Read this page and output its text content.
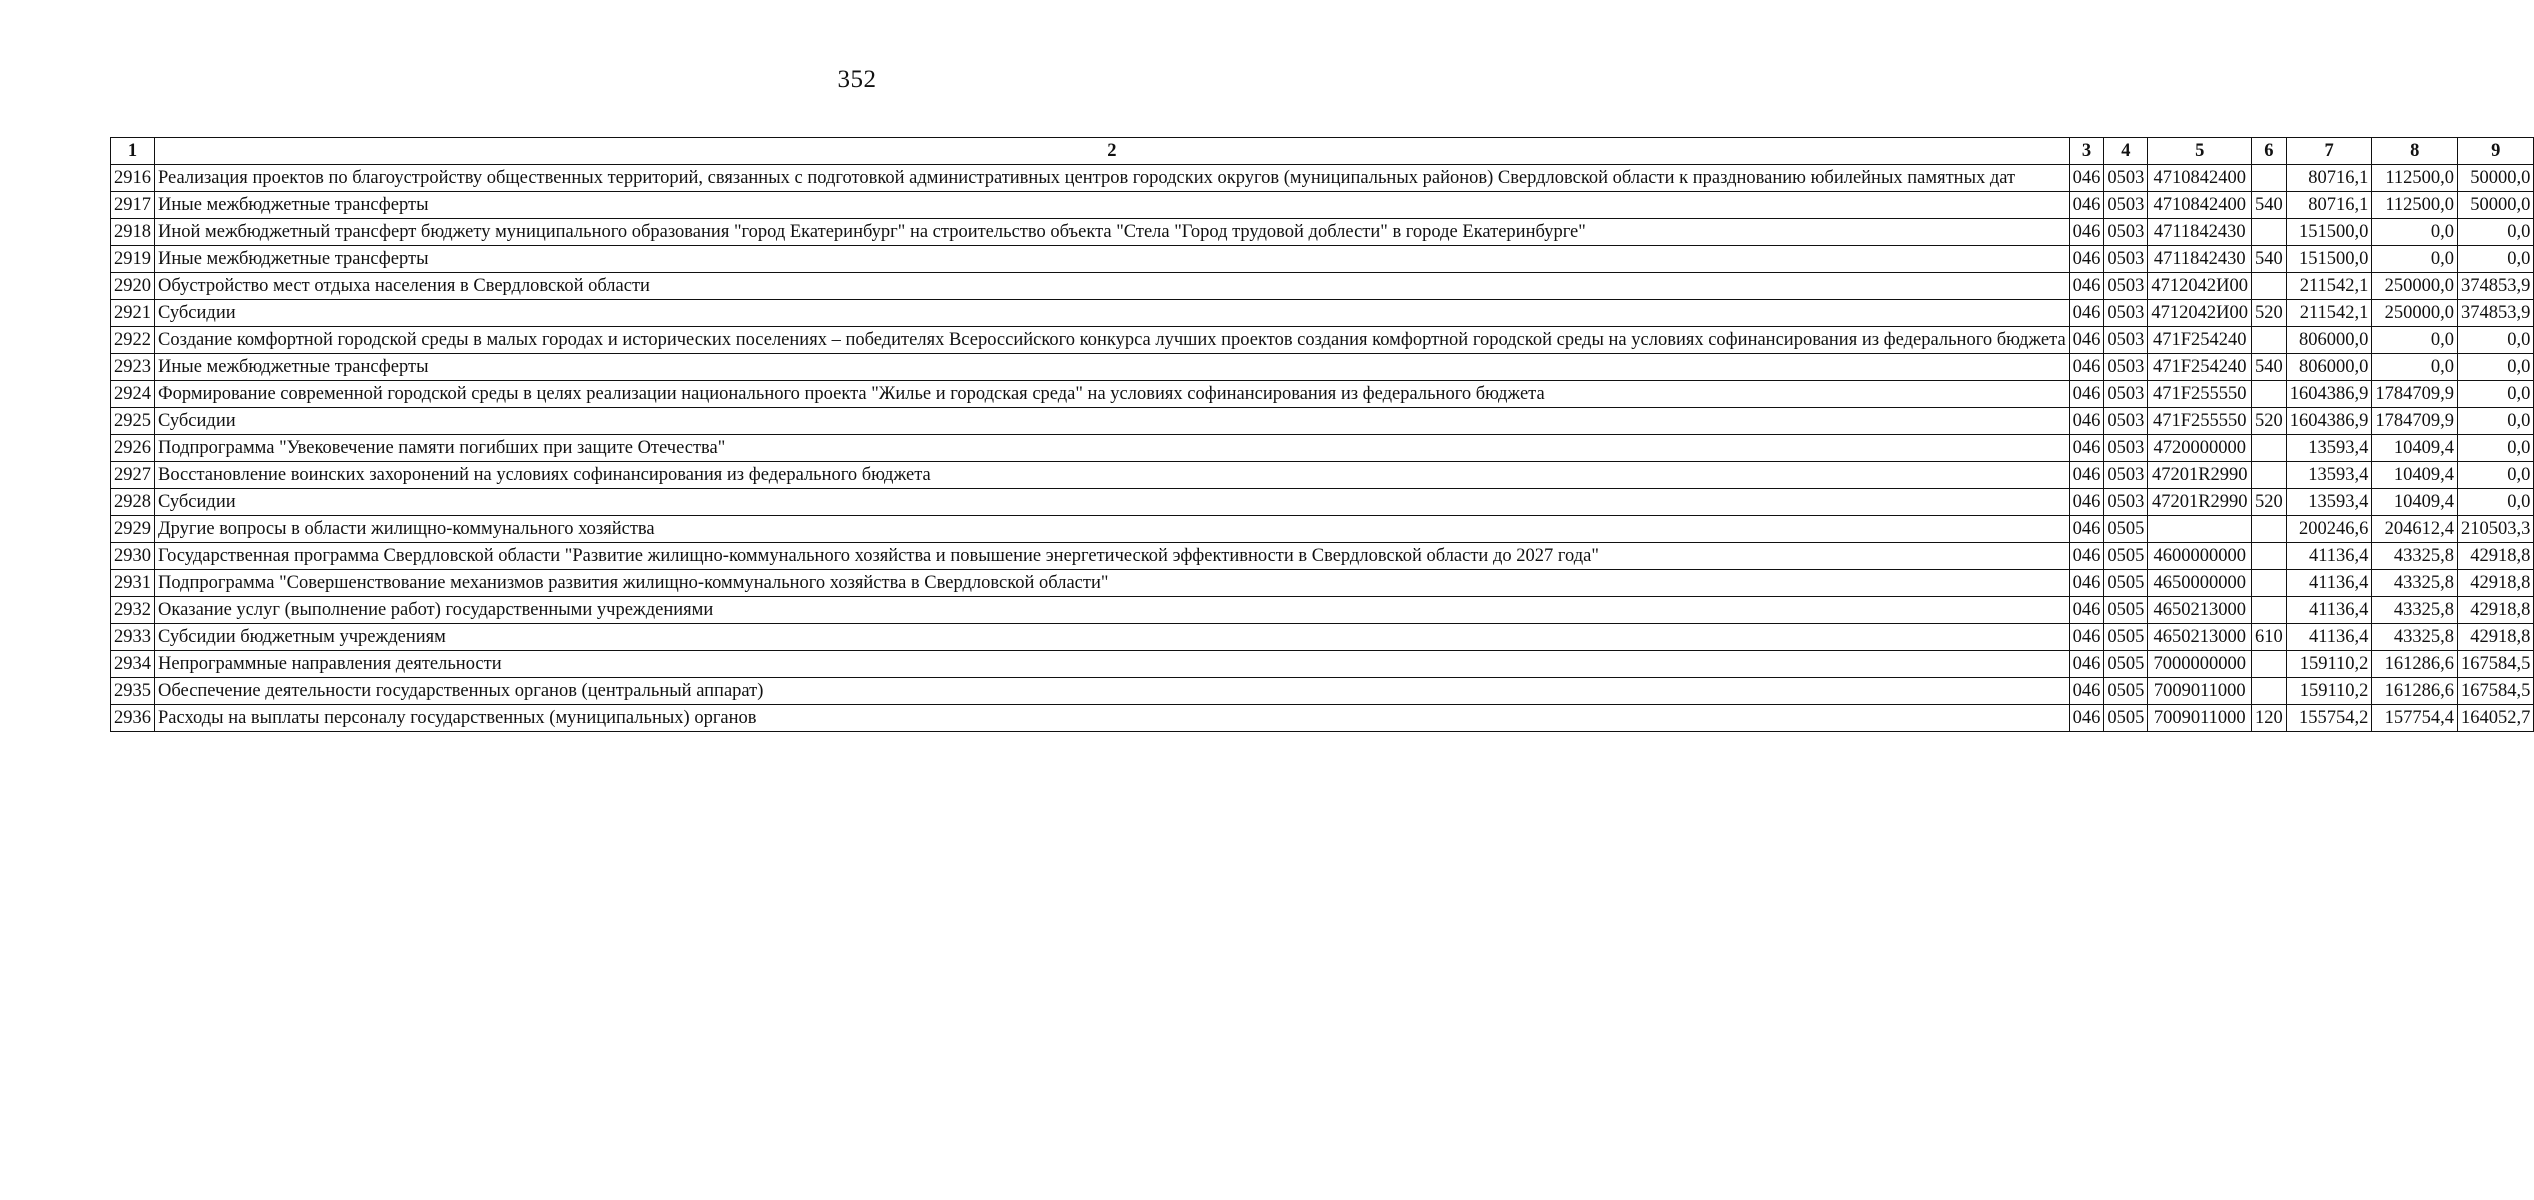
352
1	2	3	4	5	6	7	8	9
2916	Реализация проектов по благоустройству общественных территорий, связанных с подготовкой административных центров городских округов (муниципальных районов) Свердловской области к празднованию юбилейных памятных дат	046	0503	4710842400		80716,1	112500,0	50000,0
2917	Иные межбюджетные трансферты	046	0503	4710842400	540	80716,1	112500,0	50000,0
2918	Иной межбюджетный трансферт бюджету муниципального образования "город Екатеринбург" на строительство объекта "Стела "Город трудовой доблести" в городе Екатеринбурге"	046	0503	4711842430		151500,0	0,0	0,0
2919	Иные межбюджетные трансферты	046	0503	4711842430	540	151500,0	0,0	0,0
2920	Обустройство мест отдыха населения в Свердловской области	046	0503	4712042И00		211542,1	250000,0	374853,9
2921	Субсидии	046	0503	4712042И00	520	211542,1	250000,0	374853,9
2922	Создание комфортной городской среды в малых городах и исторических поселениях – победителях Всероссийского конкурса лучших проектов создания комфортной городской среды на условиях софинансирования из федерального бюджета	046	0503	471F254240		806000,0	0,0	0,0
2923	Иные межбюджетные трансферты	046	0503	471F254240	540	806000,0	0,0	0,0
2924	Формирование современной городской среды в целях реализации национального проекта "Жилье и городская среда" на условиях софинансирования из федерального бюджета	046	0503	471F255550		1604386,9	1784709,9	0,0
2925	Субсидии	046	0503	471F255550	520	1604386,9	1784709,9	0,0
2926	Подпрограмма "Увековечение памяти погибших при защите Отечества"	046	0503	4720000000		13593,4	10409,4	0,0
2927	Восстановление воинских захоронений на условиях софинансирования из федерального бюджета	046	0503	47201R2990		13593,4	10409,4	0,0
2928	Субсидии	046	0503	47201R2990	520	13593,4	10409,4	0,0
2929	Другие вопросы в области жилищно-коммунального хозяйства	046	0505			200246,6	204612,4	210503,3
2930	Государственная программа Свердловской области "Развитие жилищно-коммунального хозяйства и повышение энергетической эффективности в Свердловской области до 2027 года"	046	0505	4600000000		41136,4	43325,8	42918,8
2931	Подпрограмма "Совершенствование механизмов развития жилищно-коммунального хозяйства в Свердловской области"	046	0505	4650000000		41136,4	43325,8	42918,8
2932	Оказание услуг (выполнение работ) государственными учреждениями	046	0505	4650213000		41136,4	43325,8	42918,8
2933	Субсидии бюджетным учреждениям	046	0505	4650213000	610	41136,4	43325,8	42918,8
2934	Непрограммные направления деятельности	046	0505	7000000000		159110,2	161286,6	167584,5
2935	Обеспечение деятельности государственных органов (центральный аппарат)	046	0505	7009011000		159110,2	161286,6	167584,5
2936	Расходы на выплаты персоналу государственных (муниципальных) органов	046	0505	7009011000	120	155754,2	157754,4	164052,7
